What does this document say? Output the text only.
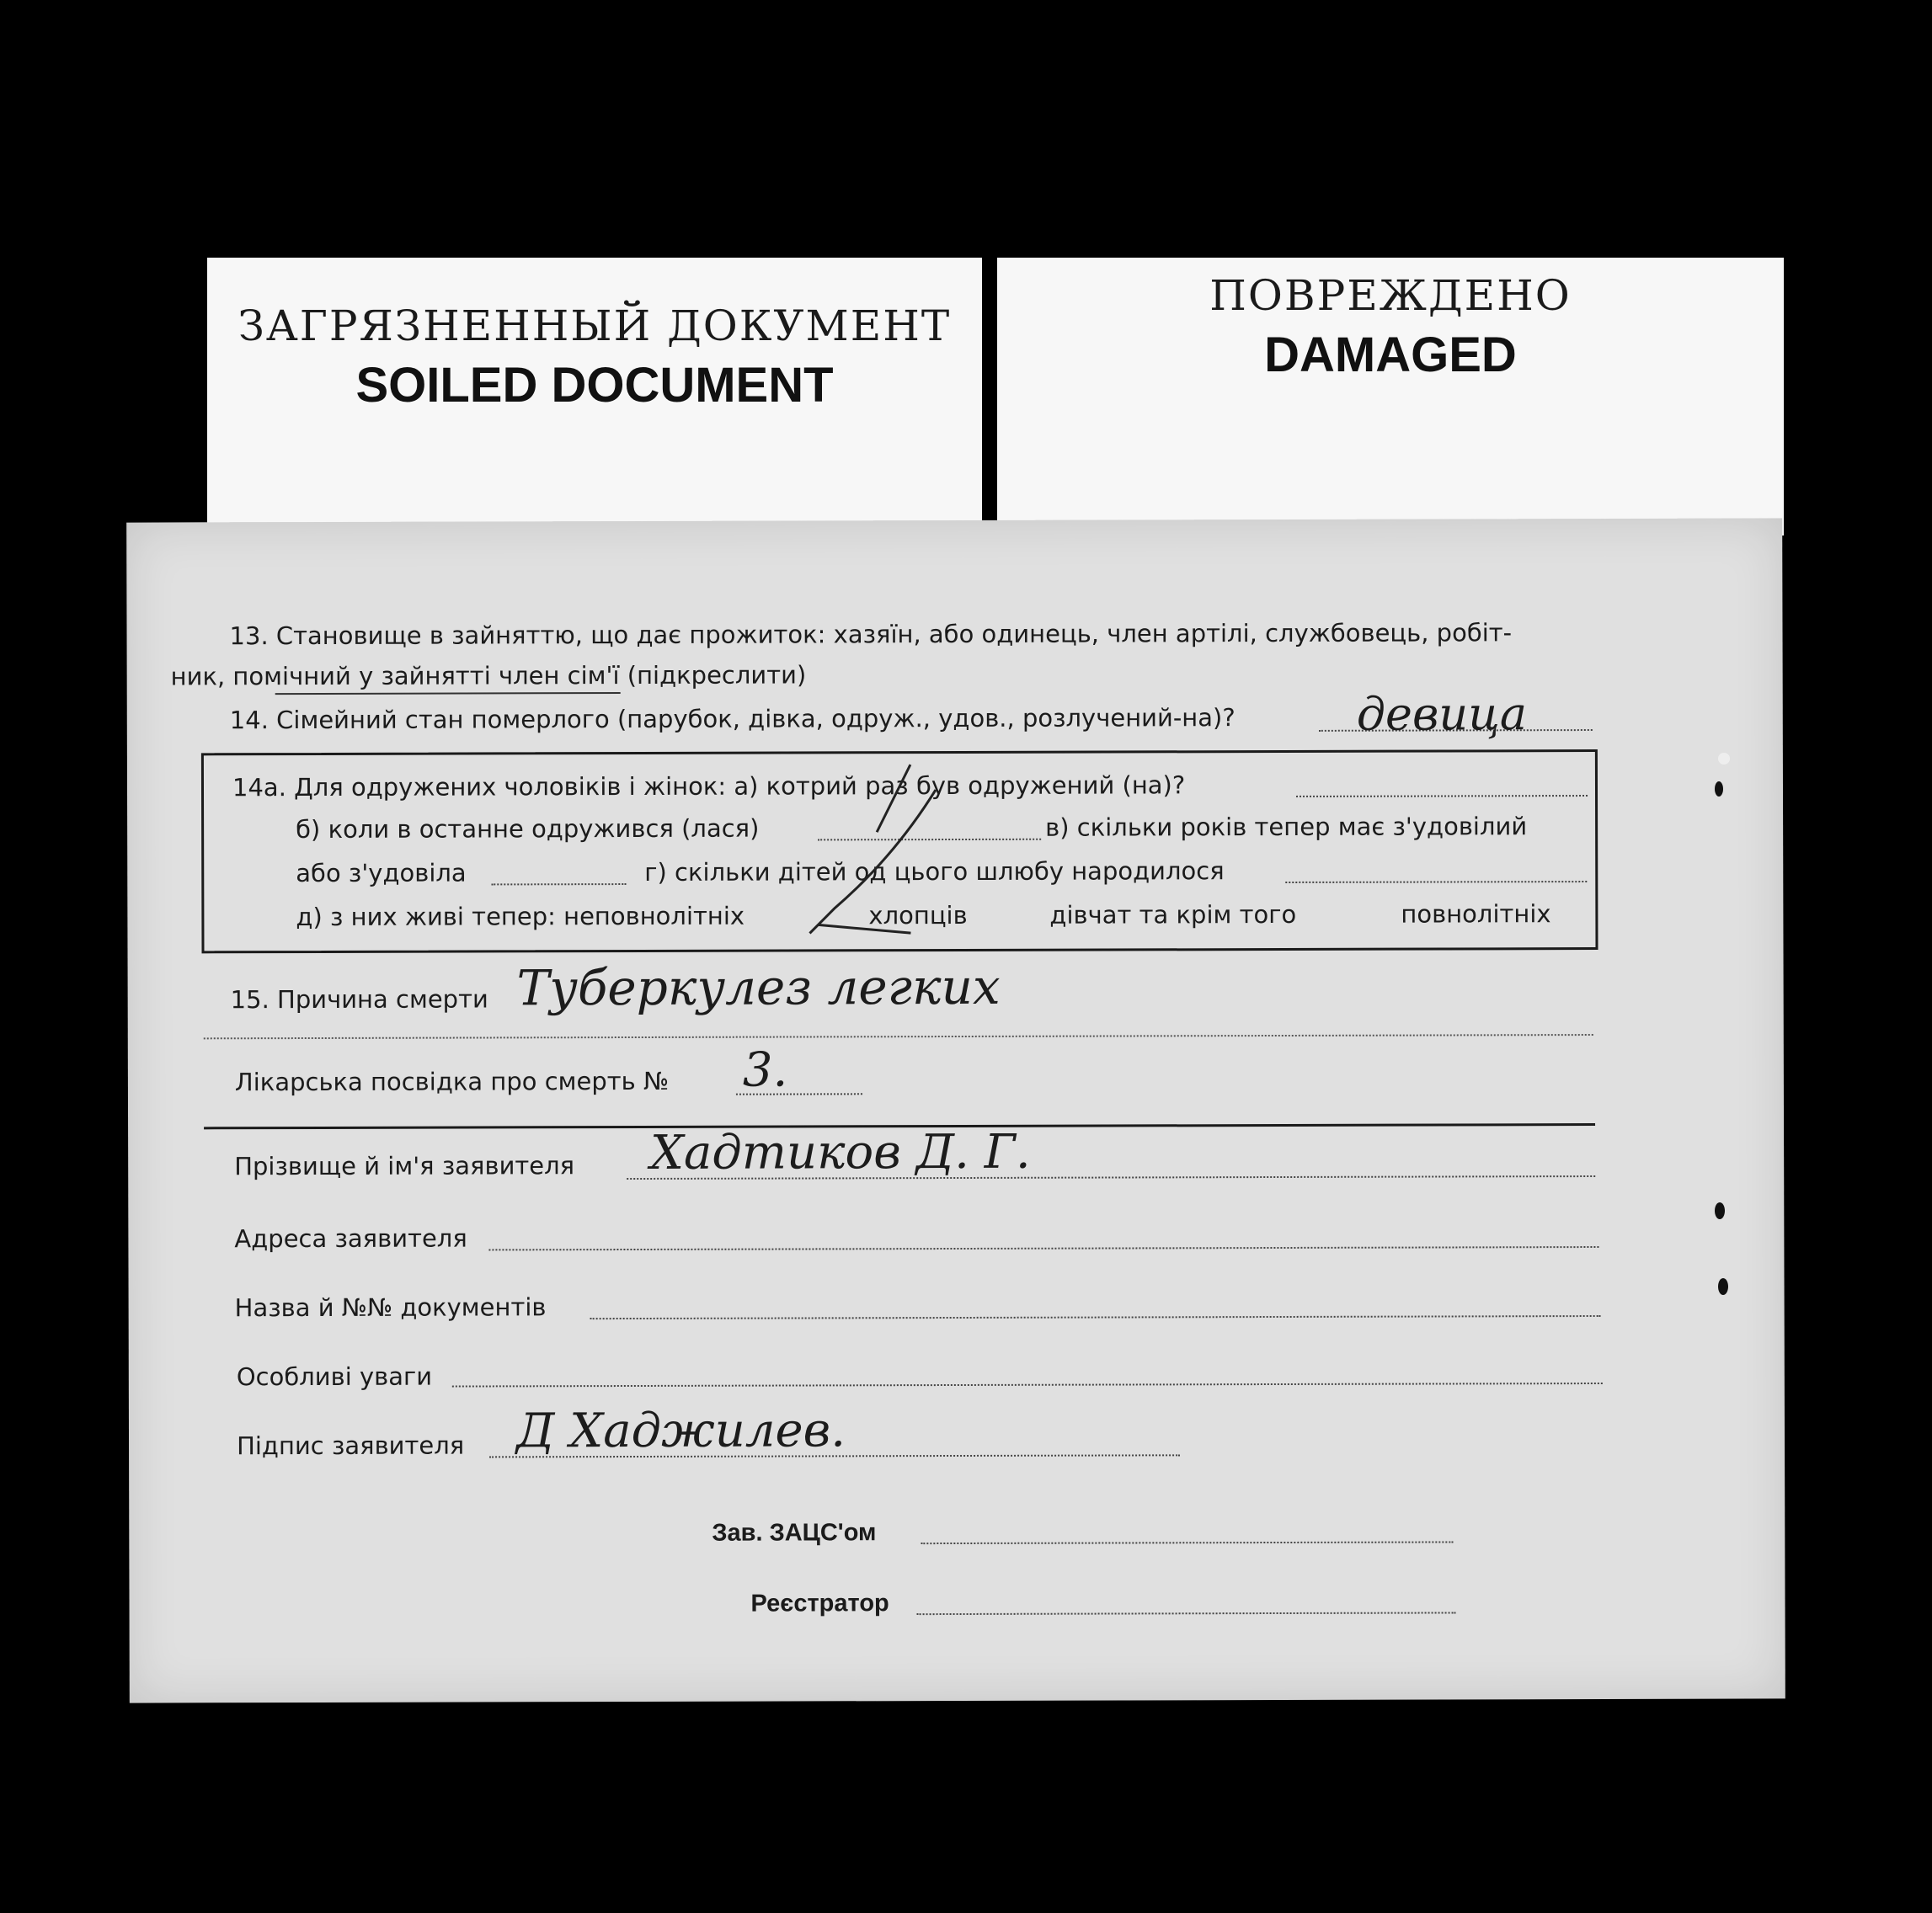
ЗАГРЯЗНЕННЫЙ ДОКУМЕНТ
SOILED DOCUMENT
ПОВРЕЖДЕНО
DAMAGED
13. Становище в зайняттю, що дає прожиток: хазяїн, або одинець, член артілі, службовець, робіт-
ник, помічний у зайнятті член сім'ї (підкреслити)
14. Сімейний стан померлого (парубок, дівка, одруж., удов., розлучений-на)?	девица
14а. Для одружених чоловіків і жінок: а) котрий раз був одружений (на)?
б) коли в останне одружився (лася)	в) скільки років тепер має з'удовілий
або з'удовіла	г) скільки дітей од цього шлюбу народилося
д) з них живі тепер: неповнолітніх	хлопців	дівчат та крім того	повнолітніх
15. Причина смерти Туберкулез легких
Лікарська посвідка про смерть № 3.
Прізвище й ім'я заявителя Хадтиков Д. Г.
Адреса заявителя
Назва й №№ документів
Особливі уваги
Підпис заявителя Д Хаджилев.
Зав. ЗАЦС'ом
Реєстратор
